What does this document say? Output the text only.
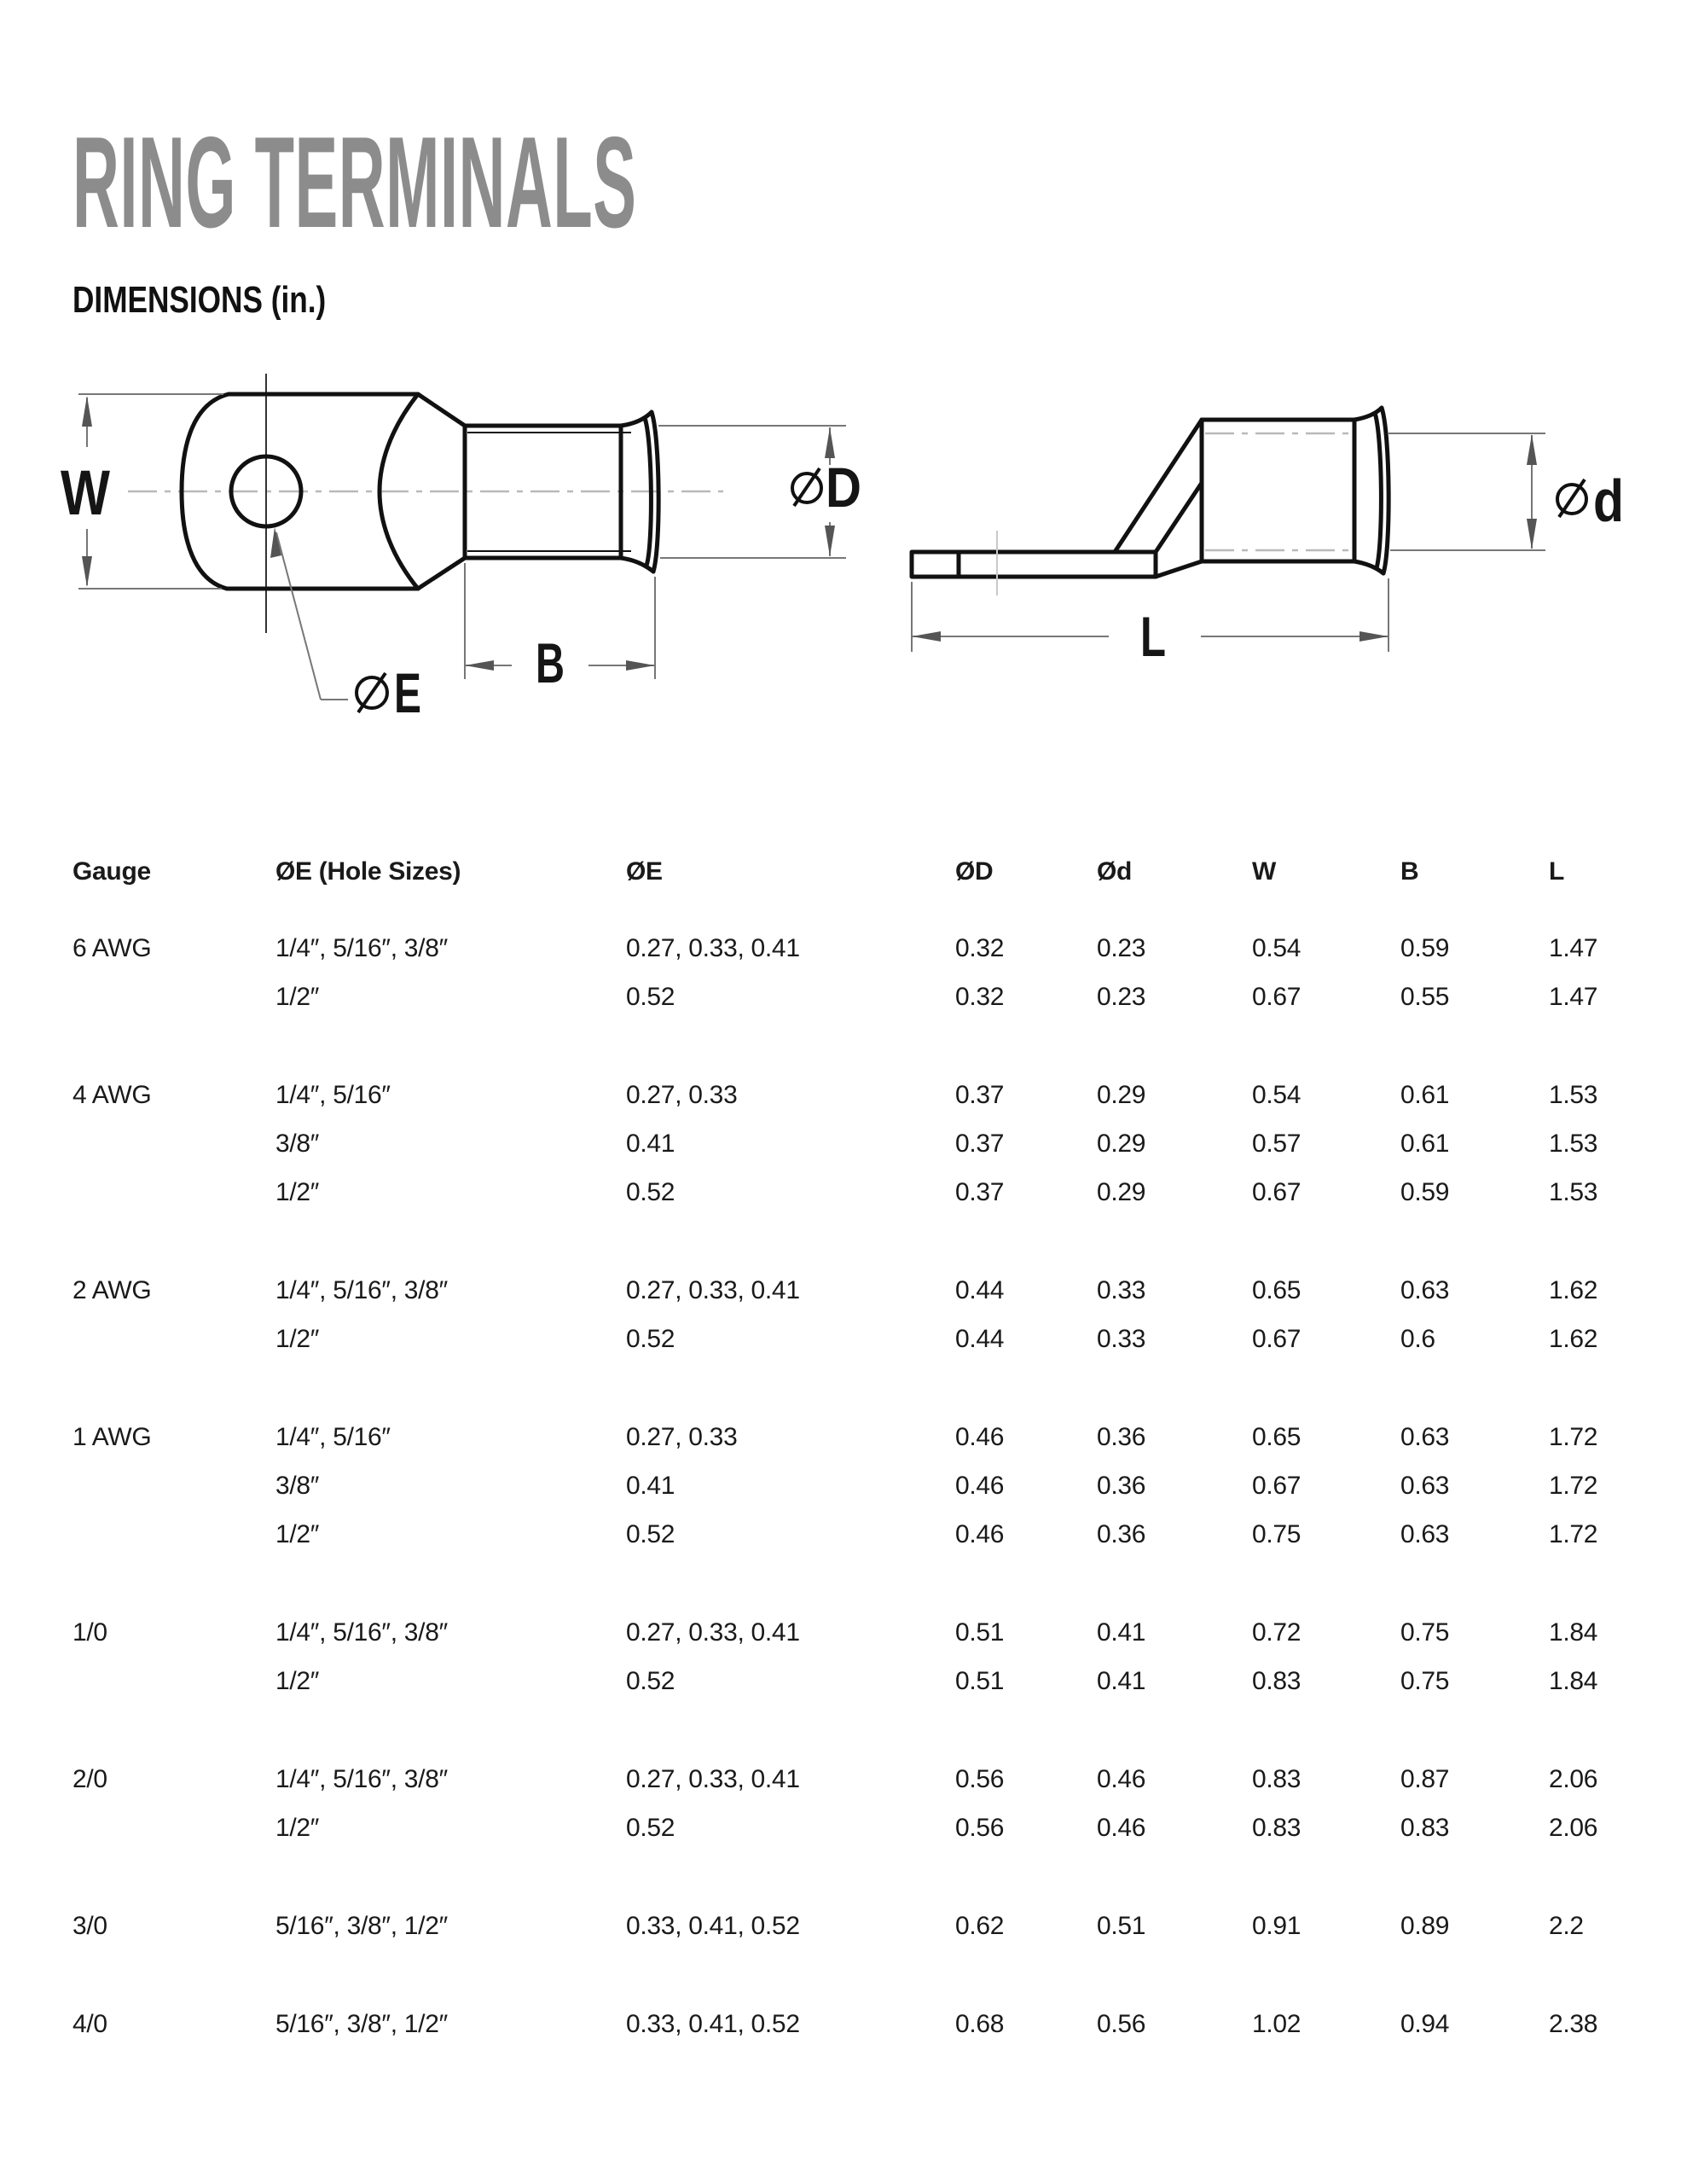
RING TERMINALS
DIMENSIONS (in.)
W	D
B
E
d
L
Gauge	ØE (Hole Sizes)	ØE	ØD	Ød	W	B	L
6 AWG	1/4″, 5/16″, 3/8″	0.27, 0.33, 0.41	0.32	0.23	0.54	0.59	1.47
1/2″	0.52	0.32	0.23	0.67	0.55	1.47
4 AWG	1/4″, 5/16″	0.27, 0.33	0.37	0.29	0.54	0.61	1.53
3/8″	0.41	0.37	0.29	0.57	0.61	1.53
1/2″	0.52	0.37	0.29	0.67	0.59	1.53
2 AWG	1/4″, 5/16″, 3/8″	0.27, 0.33, 0.41	0.44	0.33	0.65	0.63	1.62
1/2″	0.52	0.44	0.33	0.67	0.6	1.62
1 AWG	1/4″, 5/16″	0.27, 0.33	0.46	0.36	0.65	0.63	1.72
3/8″	0.41	0.46	0.36	0.67	0.63	1.72
1/2″	0.52	0.46	0.36	0.75	0.63	1.72
1/0	1/4″, 5/16″, 3/8″	0.27, 0.33, 0.41	0.51	0.41	0.72	0.75	1.84
1/2″	0.52	0.51	0.41	0.83	0.75	1.84
2/0	1/4″, 5/16″, 3/8″	0.27, 0.33, 0.41	0.56	0.46	0.83	0.87	2.06
1/2″	0.52	0.56	0.46	0.83	0.83	2.06
3/0	5/16″, 3/8″, 1/2″	0.33, 0.41, 0.52	0.62	0.51	0.91	0.89	2.2
4/0	5/16″, 3/8″, 1/2″	0.33, 0.41, 0.52	0.68	0.56	1.02	0.94	2.38
